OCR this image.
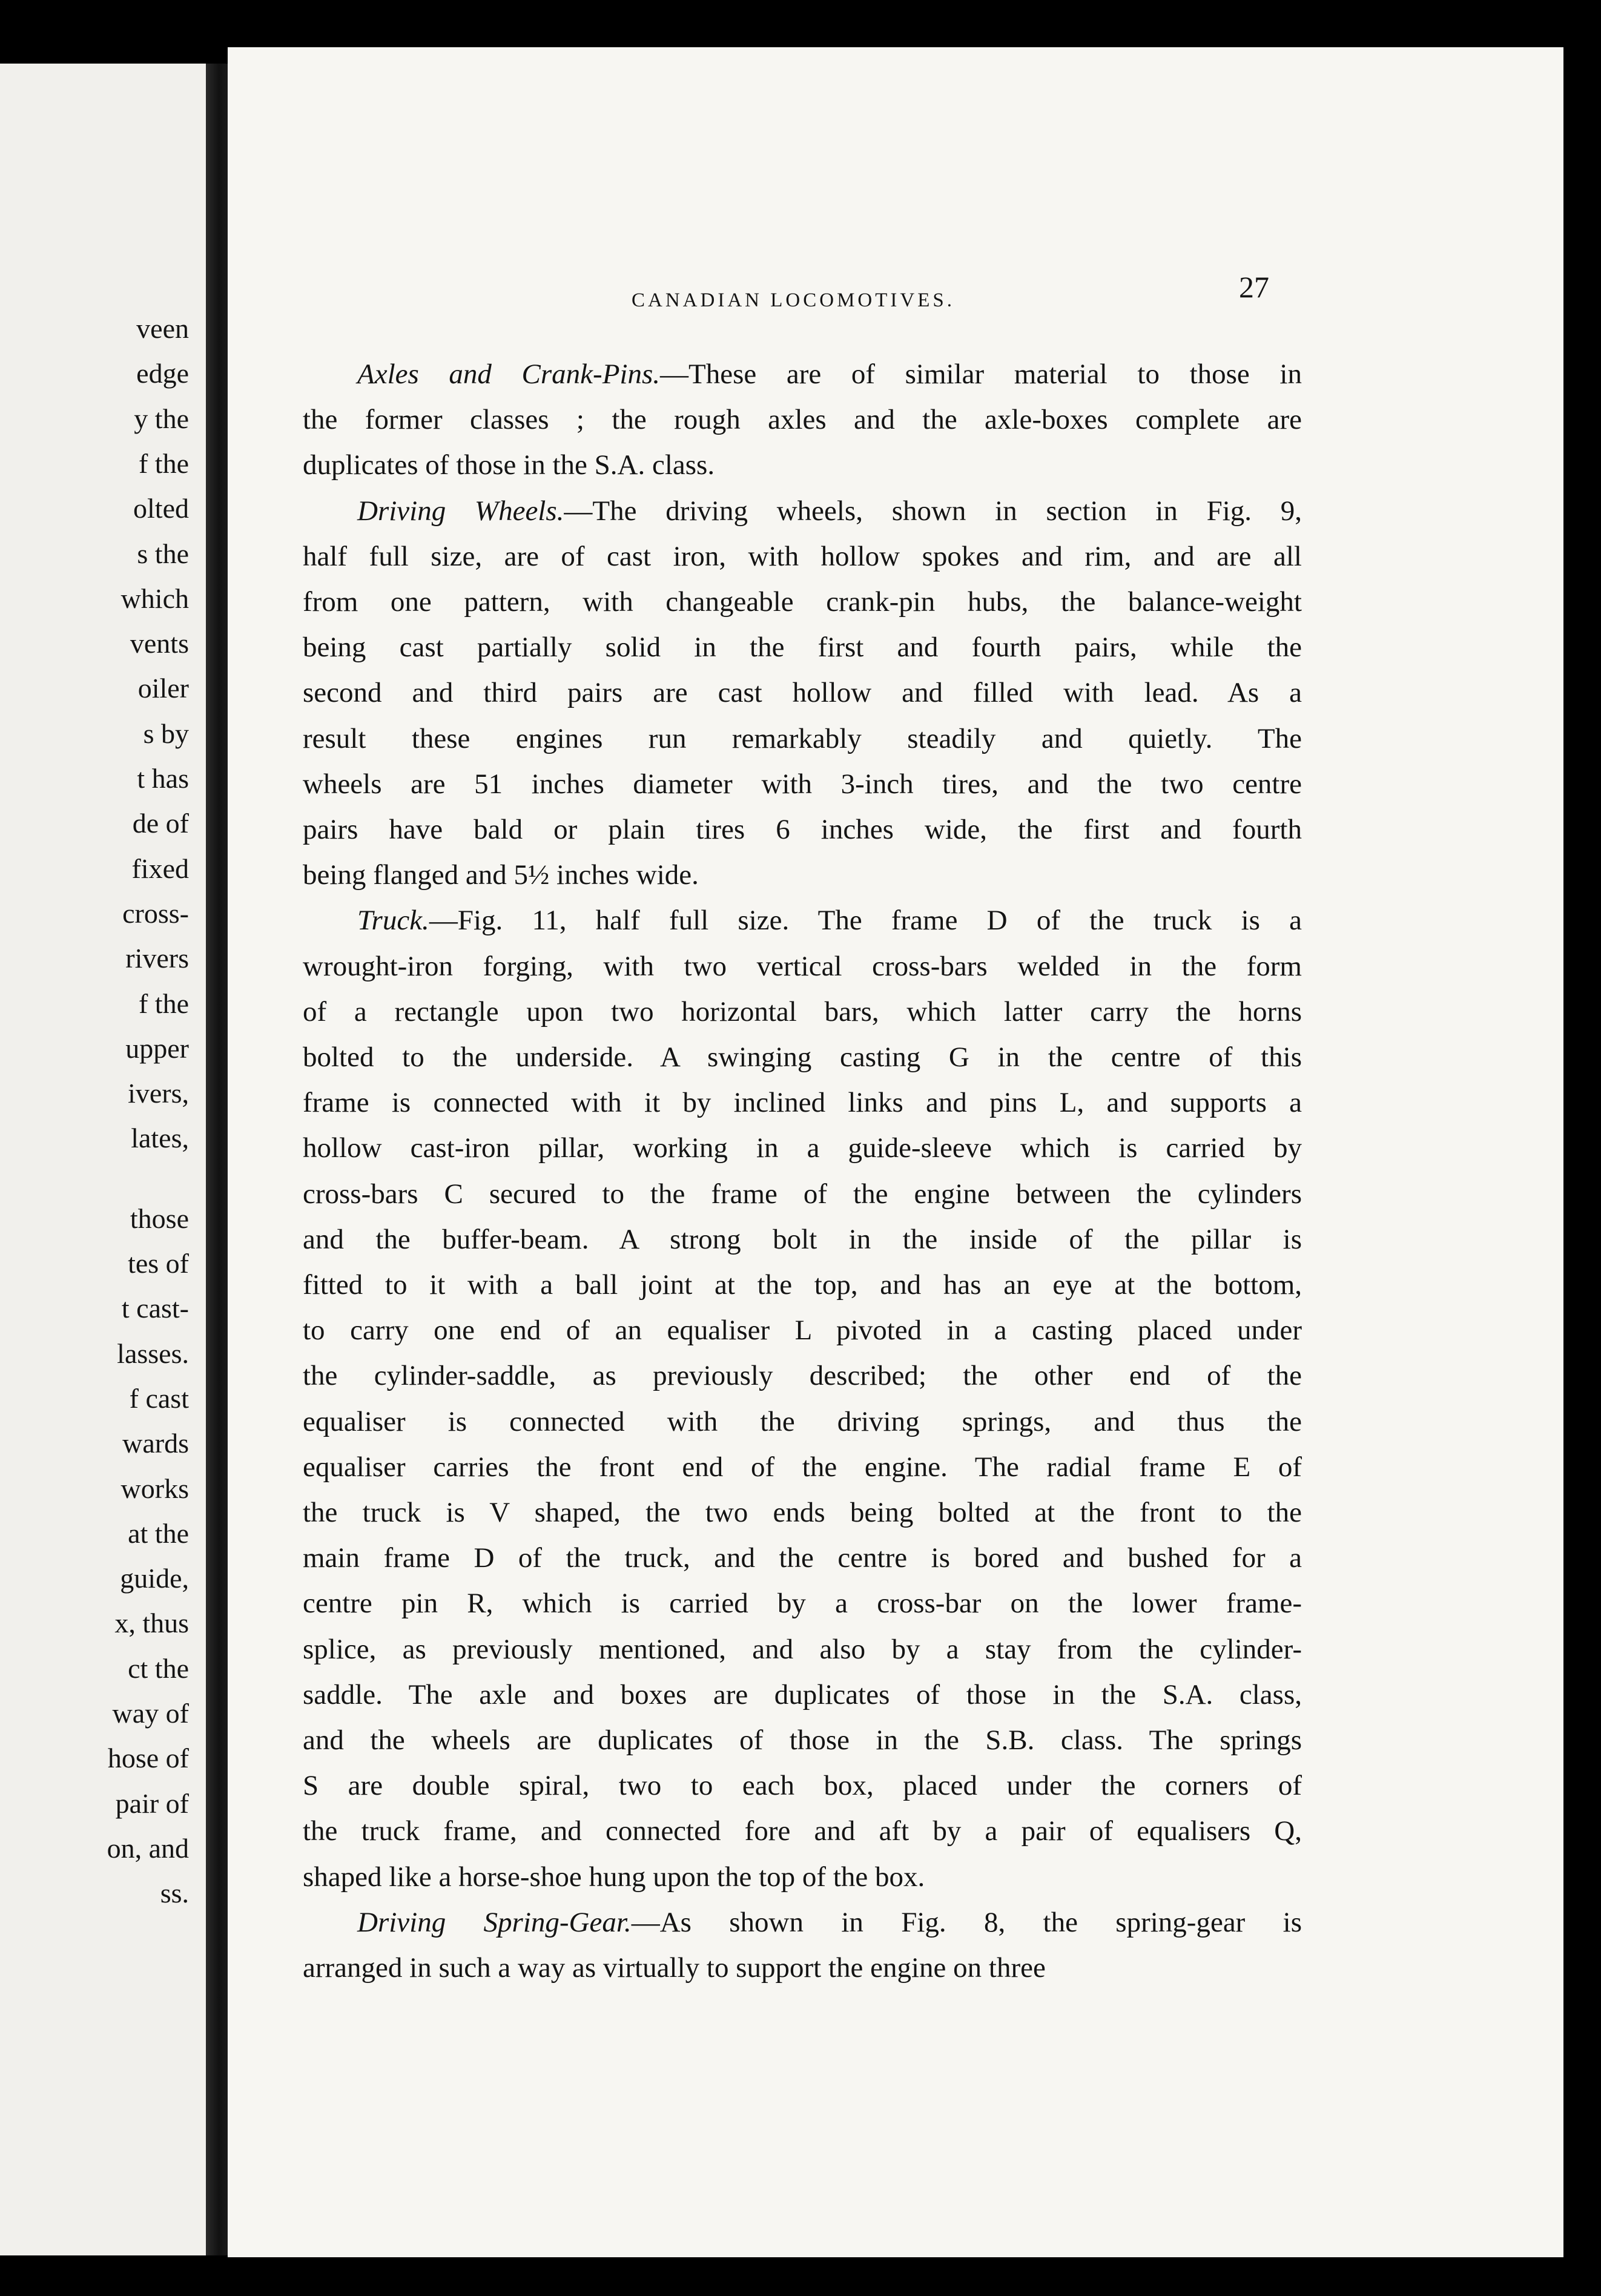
veen
edge
y the
f the
olted
s the
which
vents
oiler
s by
t has
de of
fixed
cross-
rivers
f the
upper
ivers,
lates,
those
tes of
t cast-
lasses.
f cast
wards
works
at the
guide,
x, thus
ct the
way of
hose of
pair of
on, and
ss.
CANADIAN LOCOMOTIVES.	27
Axles and Crank-Pins.—These are of similar material to those in
the former classes ; the rough axles and the axle-boxes complete are
duplicates of those in the S.A. class.
Driving Wheels.—The driving wheels, shown in section in Fig. 9,
half full size, are of cast iron, with hollow spokes and rim, and are all
from one pattern, with changeable crank-pin hubs, the balance-weight
being cast partially solid in the first and fourth pairs, while the
second and third pairs are cast hollow and filled with lead. As a
result these engines run remarkably steadily and quietly. The
wheels are 51 inches diameter with 3-inch tires, and the two centre
pairs have bald or plain tires 6 inches wide, the first and fourth
being flanged and 5½ inches wide.
Truck.—Fig. 11, half full size. The frame D of the truck is a
wrought-iron forging, with two vertical cross-bars welded in the form
of a rectangle upon two horizontal bars, which latter carry the horns
bolted to the underside. A swinging casting G in the centre of this
frame is connected with it by inclined links and pins L, and supports a
hollow cast-iron pillar, working in a guide-sleeve which is carried by
cross-bars C secured to the frame of the engine between the cylinders
and the buffer-beam. A strong bolt in the inside of the pillar is
fitted to it with a ball joint at the top, and has an eye at the bottom,
to carry one end of an equaliser L pivoted in a casting placed under
the cylinder-saddle, as previously described; the other end of the
equaliser is connected with the driving springs, and thus the
equaliser carries the front end of the engine. The radial frame E of
the truck is V shaped, the two ends being bolted at the front to the
main frame D of the truck, and the centre is bored and bushed for a
centre pin R, which is carried by a cross-bar on the lower frame-
splice, as previously mentioned, and also by a stay from the cylinder-
saddle. The axle and boxes are duplicates of those in the S.A. class,
and the wheels are duplicates of those in the S.B. class. The springs
S are double spiral, two to each box, placed under the corners of
the truck frame, and connected fore and aft by a pair of equalisers Q,
shaped like a horse-shoe hung upon the top of the box.
Driving Spring-Gear.—As shown in Fig. 8, the spring-gear is
arranged in such a way as virtually to support the engine on three
